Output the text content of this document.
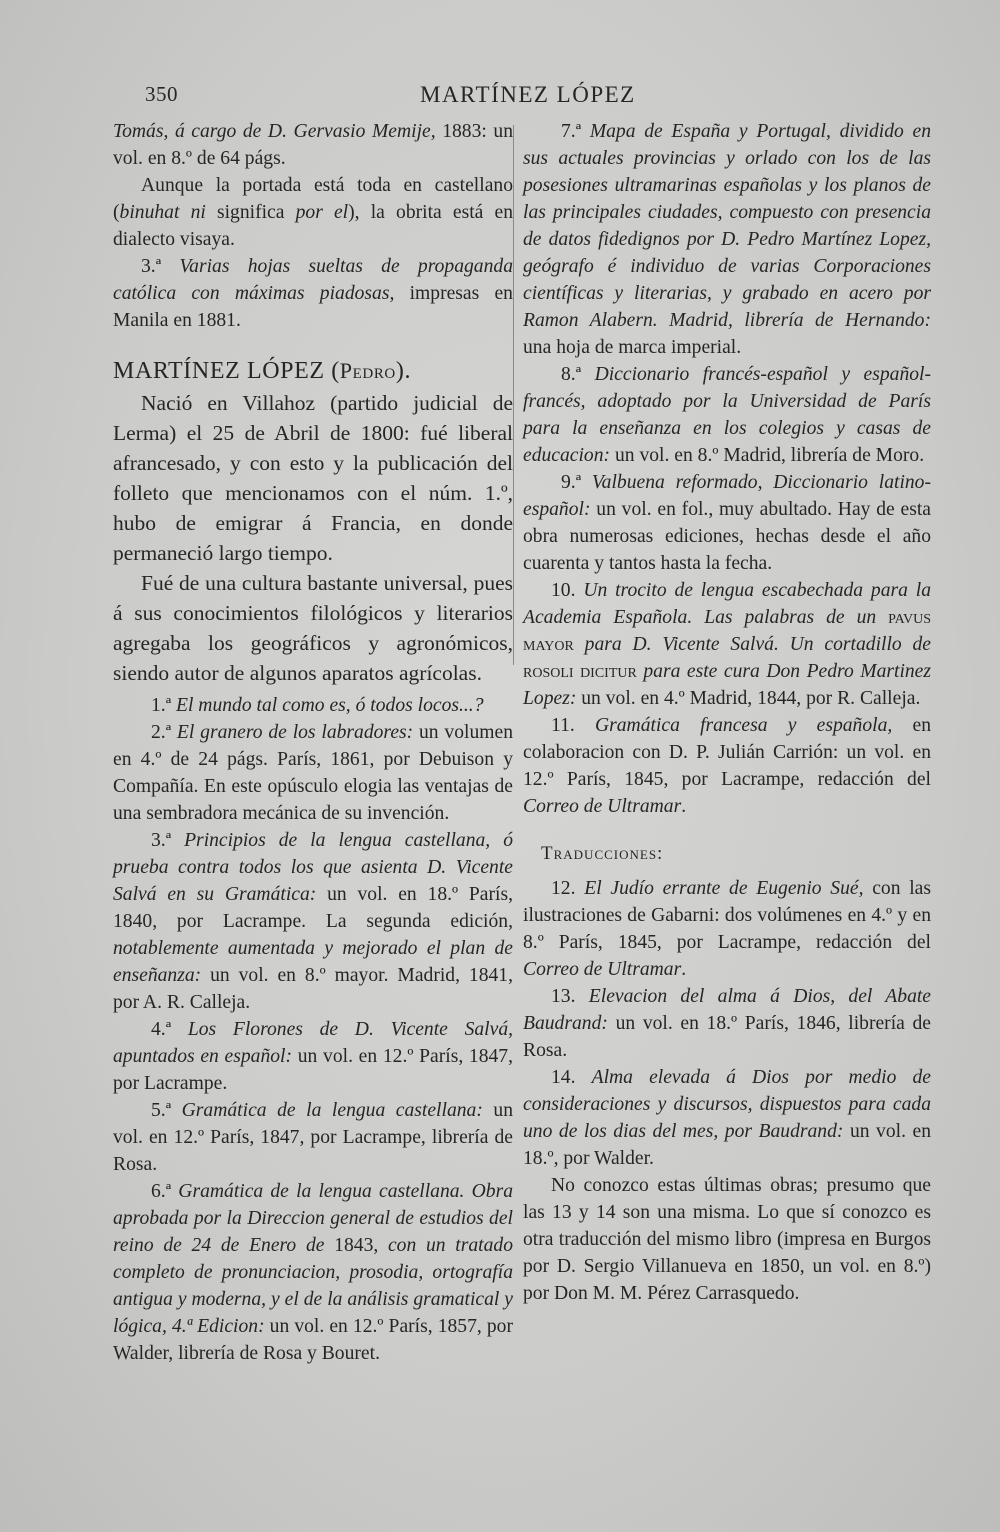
350	MARTÍNEZ LÓPEZ

Tomás, á cargo de D. Gervasio Memije, 1883: un vol. en 8.º de 64 págs.

Aunque la portada está toda en castellano (binuhat ni significa por el), la obrita está en dialecto visaya.

3.ª Varias hojas sueltas de propaganda católica con máximas piadosas, impresas en Manila en 1881.

MARTÍNEZ LÓPEZ (Pedro).

Nació en Villahoz (partido judicial de Lerma) el 25 de Abril de 1800: fué liberal afrancesado, y con esto y la publicación del folleto que mencionamos con el núm. 1.º, hubo de emigrar á Francia, en donde permaneció largo tiempo.

Fué de una cultura bastante universal, pues á sus conocimientos filológicos y literarios agregaba los geográficos y agronómicos, siendo autor de algunos aparatos agrícolas.

1.ª El mundo tal como es, ó todos locos...?

2.ª El granero de los labradores: un volumen en 4.º de 24 págs. París, 1861, por Debuison y Compañía. En este opúsculo elogia las ventajas de una sembradora mecánica de su invención.

3.ª Principios de la lengua castellana, ó prueba contra todos los que asienta D. Vicente Salvá en su Gramática: un vol. en 18.º París, 1840, por Lacrampe. La segunda edición, notablemente aumentada y mejorado el plan de enseñanza: un vol. en 8.º mayor. Madrid, 1841, por A. R. Calleja.

4.ª Los Florones de D. Vicente Salvá, apuntados en español: un vol. en 12.º París, 1847, por Lacrampe.

5.ª Gramática de la lengua castellana: un vol. en 12.º París, 1847, por Lacrampe, librería de Rosa.

6.ª Gramática de la lengua castellana. Obra aprobada por la Direccion general de estudios del reino de 24 de Enero de 1843, con un tratado completo de pronunciacion, prosodia, ortografía antigua y moderna, y el de la análisis gramatical y lógica, 4.ª Edicion: un vol. en 12.º París, 1857, por Walder, librería de Rosa y Bouret.

7.ª Mapa de España y Portugal, dividido en sus actuales provincias y orlado con los de las posesiones ultramarinas españolas y los planos de las principales ciudades, compuesto con presencia de datos fidedignos por D. Pedro Martínez Lopez, geógrafo é individuo de varias Corporaciones científicas y literarias, y grabado en acero por Ramon Alabern. Madrid, librería de Hernando: una hoja de marca imperial.

8.ª Diccionario francés-español y español-francés, adoptado por la Universidad de París para la enseñanza en los colegios y casas de educacion: un vol. en 8.º Madrid, librería de Moro.

9.ª Valbuena reformado, Diccionario latino-español: un vol. en fol., muy abultado. Hay de esta obra numerosas ediciones, hechas desde el año cuarenta y tantos hasta la fecha.

10. Un trocito de lengua escabechada para la Academia Española. Las palabras de un pavus mayor para D. Vicente Salvá. Un cortadillo de rosoli dicitur para este cura Don Pedro Martinez Lopez: un vol. en 4.º Madrid, 1844, por R. Calleja.

11. Gramática francesa y española, en colaboracion con D. P. Julián Carrión: un vol. en 12.º París, 1845, por Lacrampe, redacción del Correo de Ultramar.

Traducciones:

12. El Judío errante de Eugenio Sué, con las ilustraciones de Gabarni: dos volúmenes en 4.º y en 8.º París, 1845, por Lacrampe, redacción del Correo de Ultramar.

13. Elevacion del alma á Dios, del Abate Baudrand: un vol. en 18.º París, 1846, librería de Rosa.

14. Alma elevada á Dios por medio de consideraciones y discursos, dispuestos para cada uno de los dias del mes, por Baudrand: un vol. en 18.º, por Walder.

No conozco estas últimas obras; presumo que las 13 y 14 son una misma. Lo que sí conozco es otra traducción del mismo libro (impresa en Burgos por D. Sergio Villanueva en 1850, un vol. en 8.º) por Don M. M. Pérez Carrasquedo.
